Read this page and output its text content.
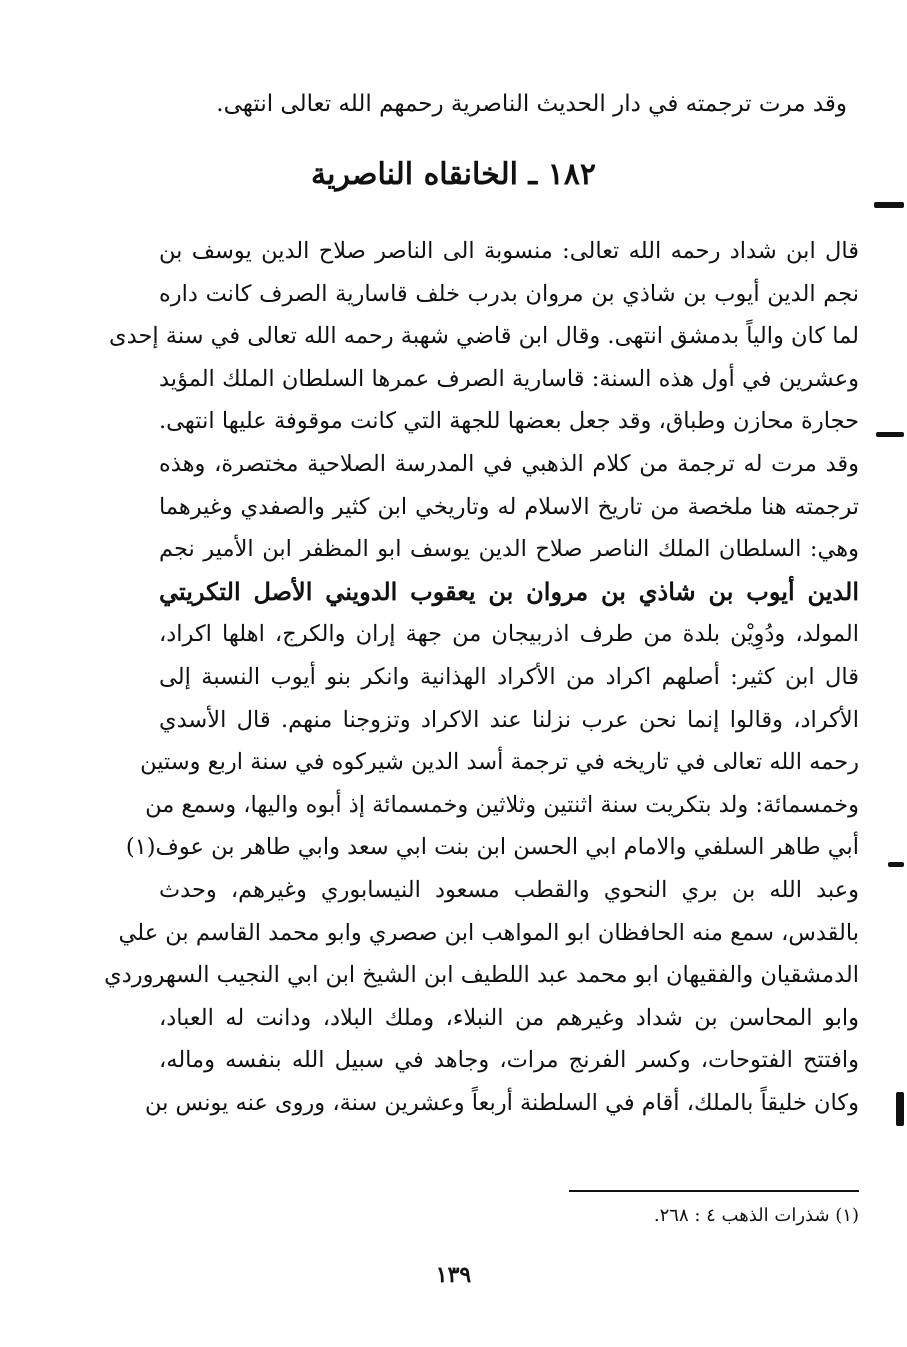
وقد مرت ترجمته في دار الحديث الناصرية رحمهم الله تعالى انتهى.
١٨٢ ـ الخانقاه الناصرية
قال ابن شداد رحمه الله تعالى: منسوبة الى الناصر صلاح الدين يوسف بن
نجم الدين أيوب بن شاذي بن مروان بدرب خلف قاسارية الصرف كانت داره
لما كان والياً بدمشق انتهى. وقال ابن قاضي شهبة رحمه الله تعالى في سنة إحدى
وعشرين في أول هذه السنة: قاسارية الصرف عمرها السلطان الملك المؤيد
حجارة محازن وطباق، وقد جعل بعضها للجهة التي كانت موقوفة عليها انتهى.
وقد مرت له ترجمة من كلام الذهبي في المدرسة الصلاحية مختصرة، وهذه
ترجمته هنا ملخصة من تاريخ الاسلام له وتاريخي ابن كثير والصفدي وغيرهما
وهي: السلطان الملك الناصر صلاح الدين يوسف ابو المظفر ابن الأمير نجم
الدين أيوب بن شاذي بن مروان بن يعقوب الدويني الأصل التكريتي
المولد، ودُوِيْن بلدة من طرف اذربيجان من جهة إران والكرج، اهلها اكراد،
قال ابن كثير: أصلهم اكراد من الأكراد الهذانية وانكر بنو أيوب النسبة إلى
الأكراد، وقالوا إنما نحن عرب نزلنا عند الاكراد وتزوجنا منهم. قال الأسدي
رحمه الله تعالى في تاريخه في ترجمة أسد الدين شيركوه في سنة اربع وستين
وخمسمائة: ولد بتكريت سنة اثنتين وثلاثين وخمسمائة إذ أبوه واليها، وسمع من
أبي طاهر السلفي والامام ابي الحسن ابن بنت ابي سعد وابي طاهر بن عوف(١)
وعبد الله بن بري النحوي والقطب مسعود النيسابوري وغيرهم، وحدث
بالقدس، سمع منه الحافظان ابو المواهب ابن صصري وابو محمد القاسم بن علي
الدمشقيان والفقيهان ابو محمد عبد اللطيف ابن الشيخ ابن ابي النجيب السهروردي
وابو المحاسن بن شداد وغيرهم من النبلاء، وملك البلاد، ودانت له العباد،
وافتتح الفتوحات، وكسر الفرنج مرات، وجاهد في سبيل الله بنفسه وماله،
وكان خليقاً بالملك، أقام في السلطنة أربعاً وعشرين سنة، وروى عنه يونس بن
(١) شذرات الذهب ٤ : ٢٦٨.
١٣٩
